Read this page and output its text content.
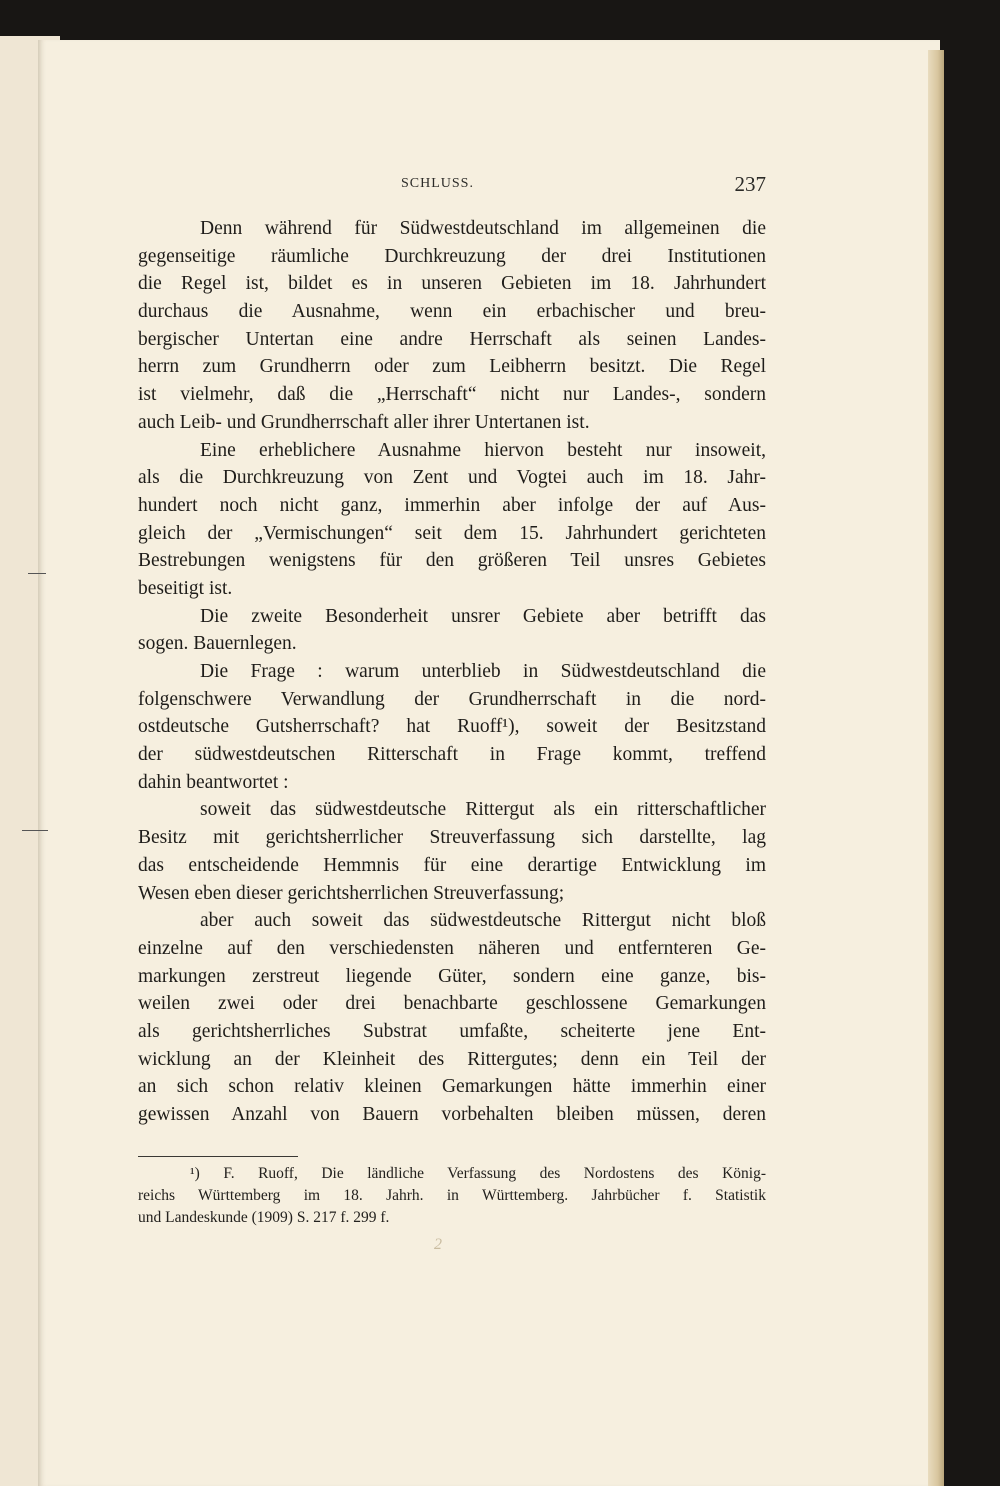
SCHLUSS.	237
Denn während für Südwestdeutschland im allgemeinen die
gegenseitige räumliche Durchkreuzung der drei Institutionen
die Regel ist, bildet es in unseren Gebieten im 18. Jahrhundert
durchaus die Ausnahme, wenn ein erbachischer und breu-
bergischer Untertan eine andre Herrschaft als seinen Landes-
herrn zum Grundherrn oder zum Leibherrn besitzt. Die Regel
ist vielmehr, daß die „Herrschaft“ nicht nur Landes-, sondern
auch Leib- und Grundherrschaft aller ihrer Untertanen ist.
Eine erheblichere Ausnahme hiervon besteht nur insoweit,
als die Durchkreuzung von Zent und Vogtei auch im 18. Jahr-
hundert noch nicht ganz, immerhin aber infolge der auf Aus-
gleich der „Vermischungen“ seit dem 15. Jahrhundert gerichteten
Bestrebungen wenigstens für den größeren Teil unsres Gebietes
beseitigt ist.
Die zweite Besonderheit unsrer Gebiete aber betrifft das
sogen. Bauernlegen.
Die Frage : warum unterblieb in Südwestdeutschland die
folgenschwere Verwandlung der Grundherrschaft in die nord-
ostdeutsche Gutsherrschaft? hat Ruoff¹), soweit der Besitzstand
der südwestdeutschen Ritterschaft in Frage kommt, treffend
dahin beantwortet :
soweit das südwestdeutsche Rittergut als ein ritterschaftlicher
Besitz mit gerichtsherrlicher Streuverfassung sich darstellte, lag
das entscheidende Hemmnis für eine derartige Entwicklung im
Wesen eben dieser gerichtsherrlichen Streuverfassung;
aber auch soweit das südwestdeutsche Rittergut nicht bloß
einzelne auf den verschiedensten näheren und entfernteren Ge-
markungen zerstreut liegende Güter, sondern eine ganze, bis-
weilen zwei oder drei benachbarte geschlossene Gemarkungen
als gerichtsherrliches Substrat umfaßte, scheiterte jene Ent-
wicklung an der Kleinheit des Rittergutes; denn ein Teil der
an sich schon relativ kleinen Gemarkungen hätte immerhin einer
gewissen Anzahl von Bauern vorbehalten bleiben müssen, deren
¹) F. Ruoff, Die ländliche Verfassung des Nordostens des König-
reichs Württemberg im 18. Jahrh. in Württemberg. Jahrbücher f. Statistik
und Landeskunde (1909) S. 217 f. 299 f.
2
